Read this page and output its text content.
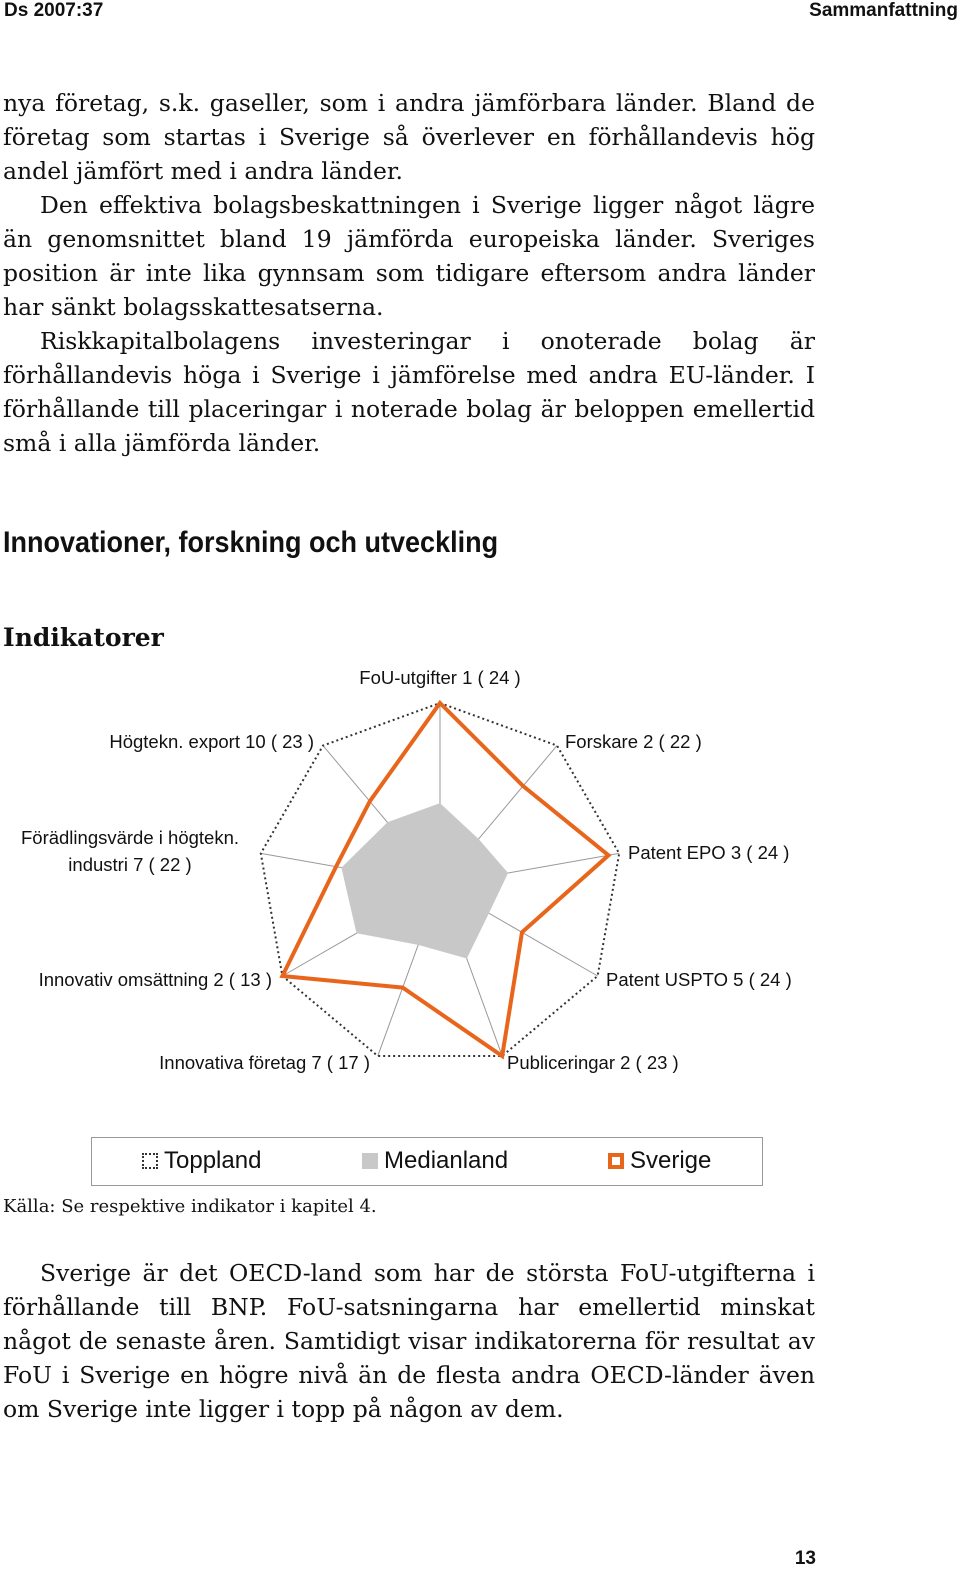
Ds 2007:37	Sammanfattning

nya företag, s.k. gaseller, som i andra jämförbara länder. Bland de företag som startas i Sverige så överlever en förhållandevis hög andel jämfört med i andra länder.

Den effektiva bolagsbeskattningen i Sverige ligger något lägre än genomsnittet bland 19 jämförda europeiska länder. Sveriges position är inte lika gynnsam som tidigare eftersom andra länder har sänkt bolagsskattesatserna.

Riskkapitalbolagens investeringar i onoterade bolag är förhållandevis höga i Sverige i jämförelse med andra EU-länder. I förhållande till placeringar i noterade bolag är beloppen emellertid små i alla jämförda länder.

Innovationer, forskning och utveckling
Indikatorer
FoU-utgifter 1 ( 24 )
Forskare 2 ( 22 )
Patent EPO 3 ( 24 )
Patent USPTO 5 ( 24 )
Publiceringar 2 ( 23 )
Innovativa företag 7 ( 17 )
Innovativ omsättning 2 ( 13 )
Förädlingsvärde i högtekn. industri 7 ( 22 )
Högtekn. export 10 ( 23 )
Toppland	Medianland	Sverige
Källa: Se respektive indikator i kapitel 4.

Sverige är det OECD-land som har de största FoU-utgifterna i förhållande till BNP. FoU-satsningarna har emellertid minskat något de senaste åren. Samtidigt visar indikatorerna för resultat av FoU i Sverige en högre nivå än de flesta andra OECD-länder även om Sverige inte ligger i topp på någon av dem.

13
